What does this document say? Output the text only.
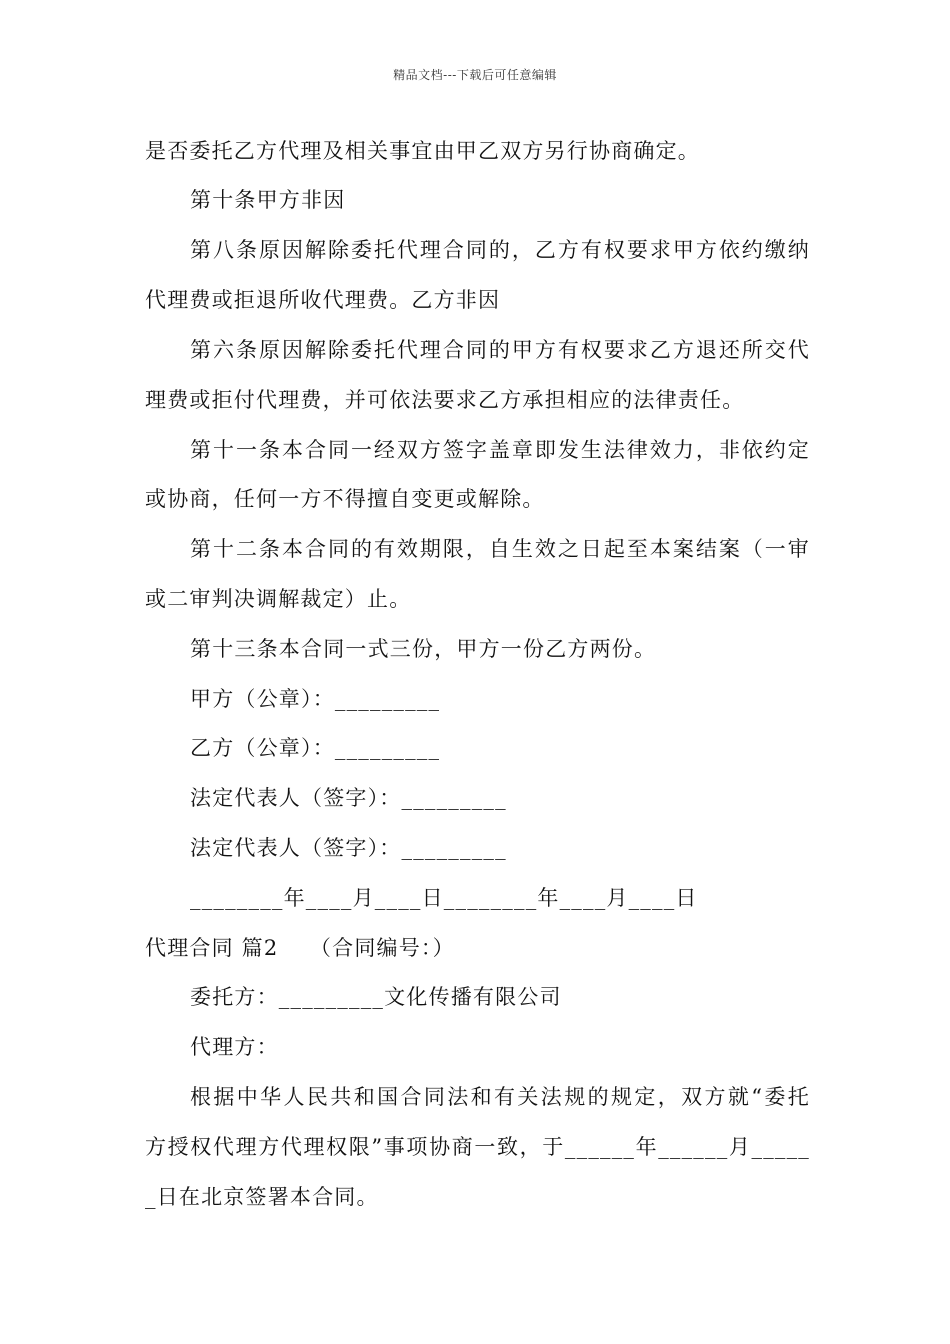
精品文档---下载后可任意编辑
是否委托乙方代理及相关事宜由甲乙双方另行协商确定。
第十条甲方非因
第八条原因解除委托代理合同的，乙方有权要求甲方依约缴纳
代理费或拒退所收代理费。乙方非因
第六条原因解除委托代理合同的甲方有权要求乙方退还所交代
理费或拒付代理费，并可依法要求乙方承担相应的法律责任。
第十一条本合同一经双方签字盖章即发生法律效力，非依约定
或协商，任何一方不得擅自变更或解除。
第十二条本合同的有效期限，自生效之日起至本案结案（一审
或二审判决调解裁定）止。
第十三条本合同一式三份，甲方一份乙方两份。
甲方（公章）：_________
乙方（公章）：_________
法定代表人（签字）：_________
法定代表人（签字）：_________
________年____月____日________年____月____日
代理合同 篇2    （合同编号：）
委托方：_________文化传播有限公司
代理方：
根据中华人民共和国合同法和有关法规的规定，双方就“委托
方授权代理方代理权限”事项协商一致，于______年______月_____
_日在北京签署本合同。
